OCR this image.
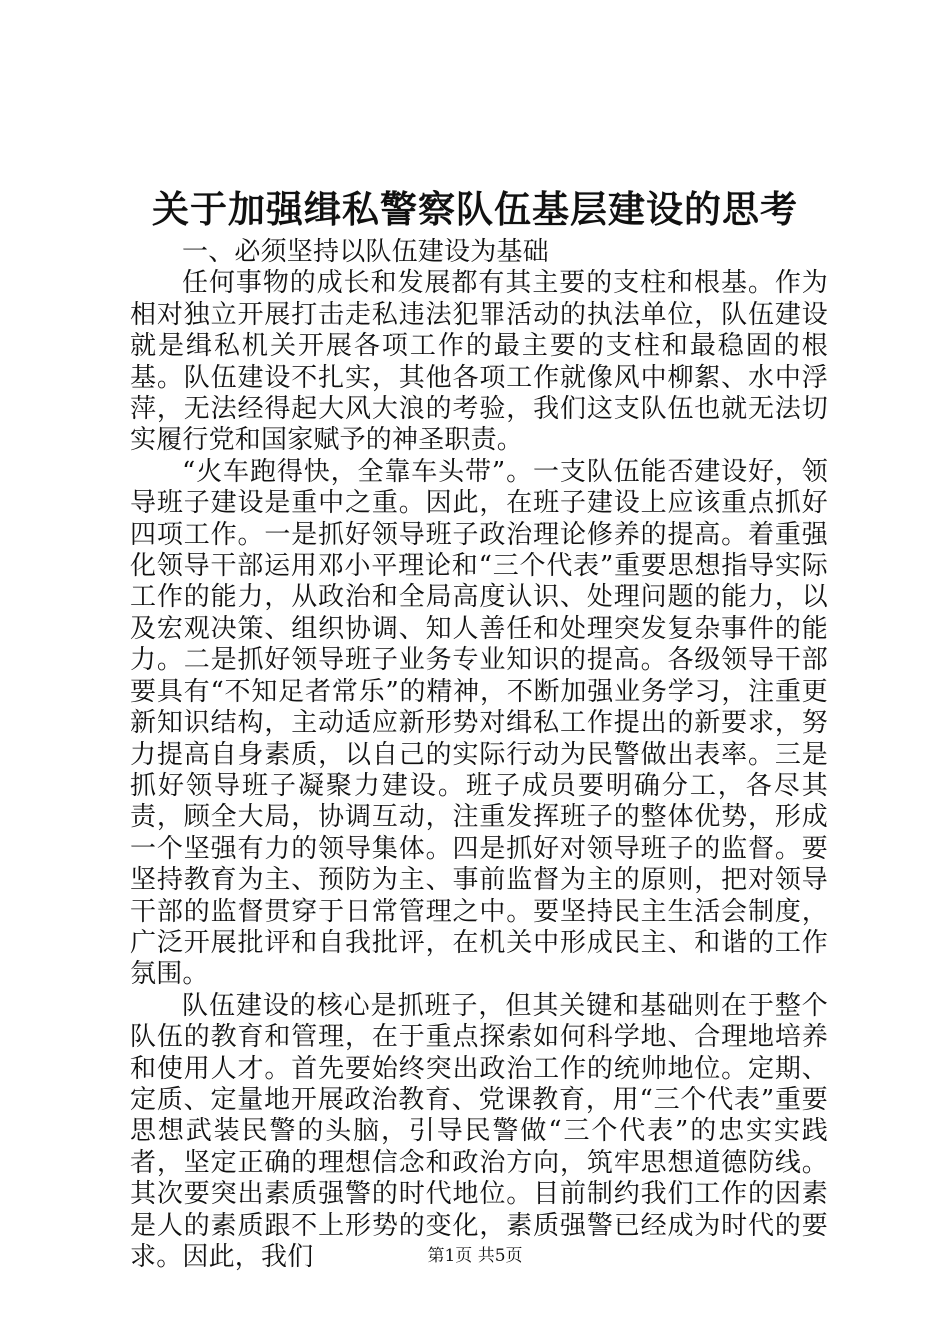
关于加强缉私警察队伍基层建设的思考

一、必须坚持以队伍建设为基础

任何事物的成长和发展都有其主要的支柱和根基。作为相对独立开展打击走私违法犯罪活动的执法单位，队伍建设就是缉私机关开展各项工作的最主要的支柱和最稳固的根基。队伍建设不扎实，其他各项工作就像风中柳絮、水中浮萍，无法经得起大风大浪的考验，我们这支队伍也就无法切实履行党和国家赋予的神圣职责。

“火车跑得快，全靠车头带”。一支队伍能否建设好，领导班子建设是重中之重。因此，在班子建设上应该重点抓好四项工作。一是抓好领导班子政治理论修养的提高。着重强化领导干部运用邓小平理论和“三个代表”重要思想指导实际工作的能力，从政治和全局高度认识、处理问题的能力，以及宏观决策、组织协调、知人善任和处理突发复杂事件的能力。二是抓好领导班子业务专业知识的提高。各级领导干部要具有“不知足者常乐”的精神，不断加强业务学习，注重更新知识结构，主动适应新形势对缉私工作提出的新要求，努力提高自身素质，以自己的实际行动为民警做出表率。三是抓好领导班子凝聚力建设。班子成员要明确分工，各尽其责，顾全大局，协调互动，注重发挥班子的整体优势，形成一个坚强有力的领导集体。四是抓好对领导班子的监督。要坚持教育为主、预防为主、事前监督为主的原则，把对领导干部的监督贯穿于日常管理之中。要坚持民主生活会制度，广泛开展批评和自我批评，在机关中形成民主、和谐的工作氛围。

队伍建设的核心是抓班子，但其关键和基础则在于整个队伍的教育和管理，在于重点探索如何科学地、合理地培养和使用人才。首先要始终突出政治工作的统帅地位。定期、定质、定量地开展政治教育、党课教育，用“三个代表”重要思想武装民警的头脑，引导民警做“三个代表”的忠实实践者，坚定正确的理想信念和政治方向，筑牢思想道德防线。其次要突出素质强警的时代地位。目前制约我们工作的因素是人的素质跟不上形势的变化，素质强警已经成为时代的要求。因此，我们	第1页 共5页
